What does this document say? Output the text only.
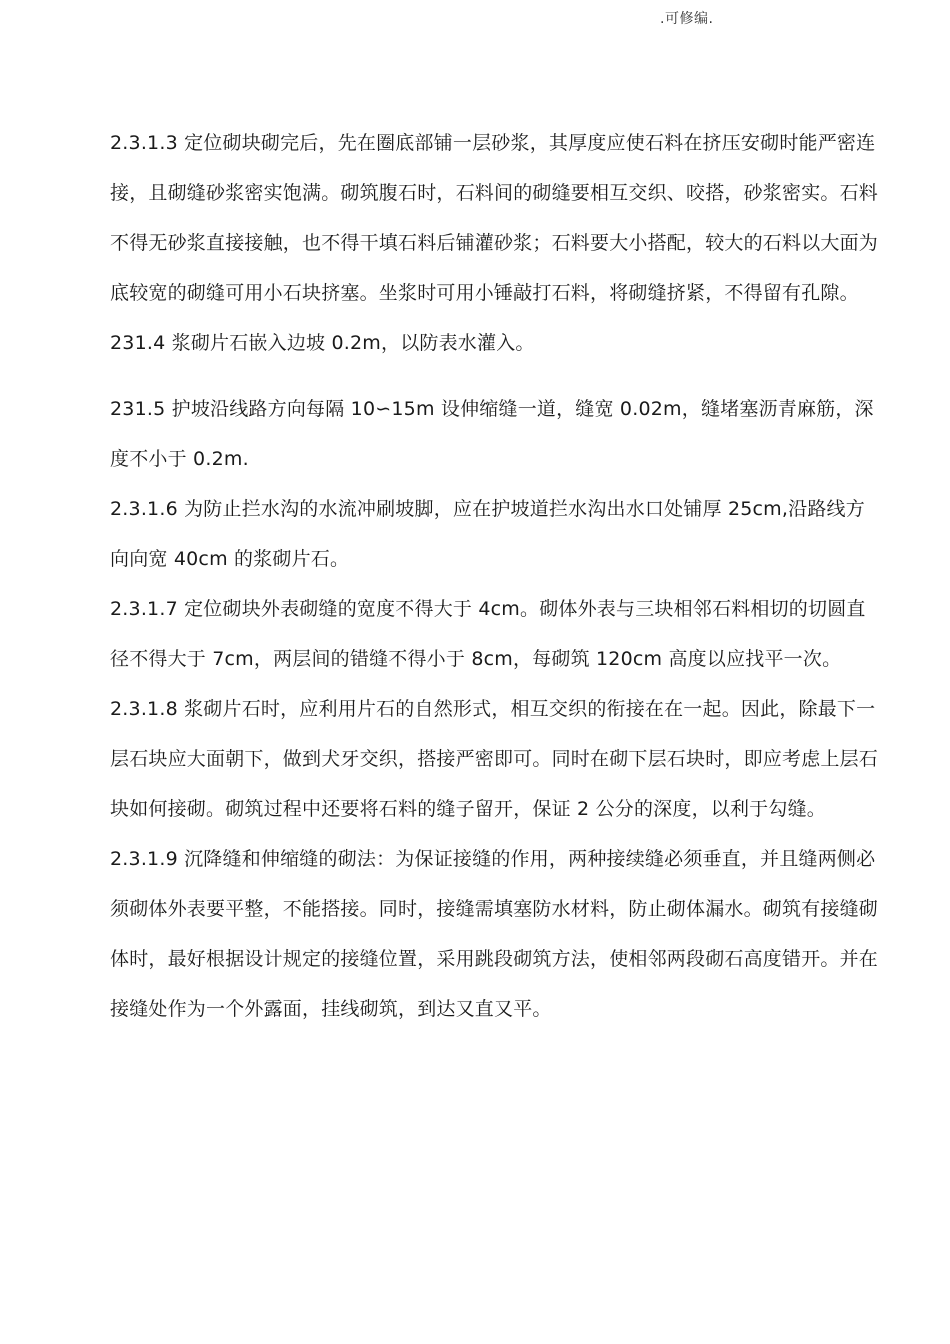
.可修编.

2.3.1.3 定位砌块砌完后，先在圈底部铺一层砂浆，其厚度应使石料在挤压安砌时能严密连接，且砌缝砂浆密实饱满。砌筑腹石时，石料间的砌缝要相互交织、咬搭，砂浆密实。石料不得无砂浆直接接触，也不得干填石料后铺灌砂浆；石料要大小搭配，较大的石料以大面为底较宽的砌缝可用小石块挤塞。坐浆时可用小锤敲打石料，将砌缝挤紧，不得留有孔隙。

231.4 浆砌片石嵌入边坡 0.2m，以防表水灌入。

231.5 护坡沿线路方向每隔 10∽15m 设伸缩缝一道，缝宽 0.02m，缝堵塞沥青麻筋，深度不小于 0.2m.

2.3.1.6 为防止拦水沟的水流冲刷坡脚，应在护坡道拦水沟出水口处铺厚 25cm,沿路线方向向宽 40cm 的浆砌片石。

2.3.1.7 定位砌块外表砌缝的宽度不得大于 4cm。砌体外表与三块相邻石料相切的切圆直径不得大于 7cm，两层间的错缝不得小于 8cm，每砌筑 120cm 高度以应找平一次。

2.3.1.8 浆砌片石时，应利用片石的自然形式，相互交织的衔接在在一起。因此，除最下一层石块应大面朝下，做到犬牙交织，搭接严密即可。同时在砌下层石块时，即应考虑上层石块如何接砌。砌筑过程中还要将石料的缝子留开，保证 2 公分的深度，以利于勾缝。

2.3.1.9 沉降缝和伸缩缝的砌法：为保证接缝的作用，两种接续缝必须垂直，并且缝两侧必须砌体外表要平整，不能搭接。同时，接缝需填塞防水材料，防止砌体漏水。砌筑有接缝砌体时，最好根据设计规定的接缝位置，采用跳段砌筑方法，使相邻两段砌石高度错开。并在接缝处作为一个外露面，挂线砌筑，到达又直又平。
